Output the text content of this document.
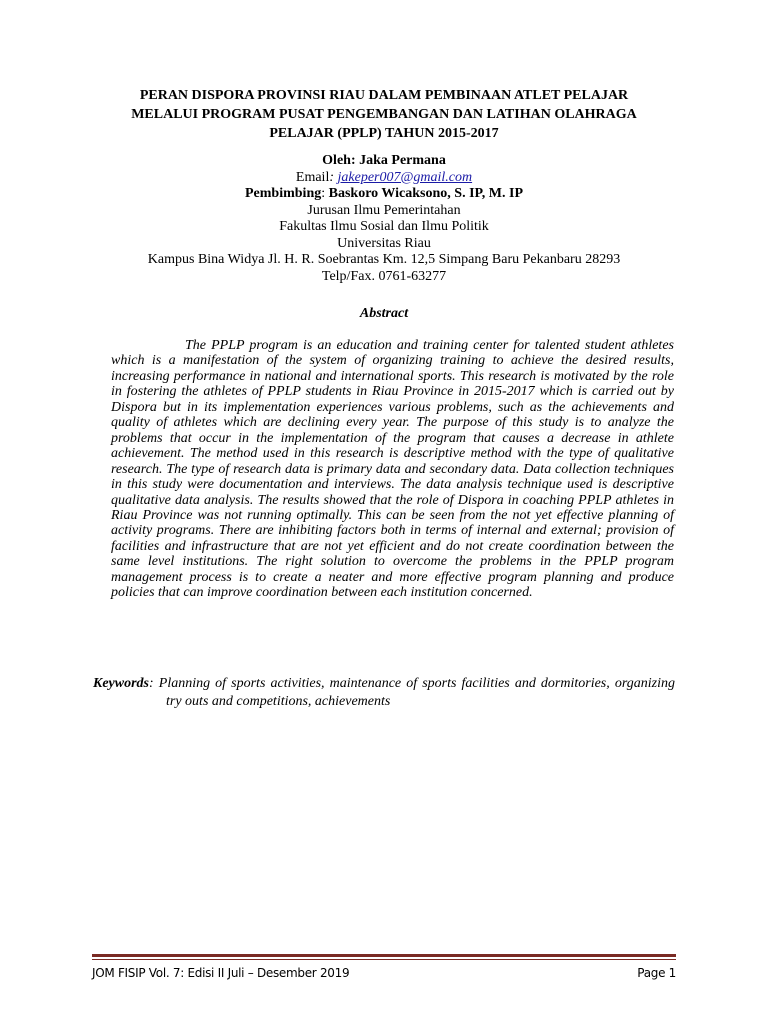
PERAN DISPORA PROVINSI RIAU DALAM PEMBINAAN ATLET PELAJAR
MELALUI PROGRAM PUSAT PENGEMBANGAN DAN LATIHAN OLAHRAGA
PELAJAR (PPLP) TAHUN 2015-2017
Oleh: Jaka Permana
Email: jakeper007@gmail.com
Pembimbing: Baskoro Wicaksono, S. IP, M. IP
Jurusan Ilmu Pemerintahan
Fakultas Ilmu Sosial dan Ilmu Politik
Universitas Riau
Kampus Bina Widya Jl. H. R. Soebrantas Km. 12,5 Simpang Baru Pekanbaru 28293
Telp/Fax. 0761-63277
Abstract
The PPLP program is an education and training center for talented student athletes which is a manifestation of the system of organizing training to achieve the desired results, increasing performance in national and international sports. This research is motivated by the role in fostering the athletes of PPLP students in Riau Province in 2015-2017 which is carried out by Dispora but in its implementation experiences various problems, such as the achievements and quality of athletes which are declining every year. The purpose of this study is to analyze the problems that occur in the implementation of the program that causes a decrease in athlete achievement. The method used in this research is descriptive method with the type of qualitative research. The type of research data is primary data and secondary data. Data collection techniques in this study were documentation and interviews. The data analysis technique used is descriptive qualitative data analysis. The results showed that the role of Dispora in coaching PPLP athletes in Riau Province was not running optimally. This can be seen from the not yet effective planning of activity programs. There are inhibiting factors both in terms of internal and external; provision of facilities and infrastructure that are not yet efficient and do not create coordination between the same level institutions. The right solution to overcome the problems in the PPLP program management process is to create a neater and more effective program planning and produce policies that can improve coordination between each institution concerned.
Keywords: Planning of sports activities, maintenance of sports facilities and dormitories, organizing try outs and competitions, achievements
JOM FISIP Vol. 7: Edisi II Juli – Desember 2019	Page 1
